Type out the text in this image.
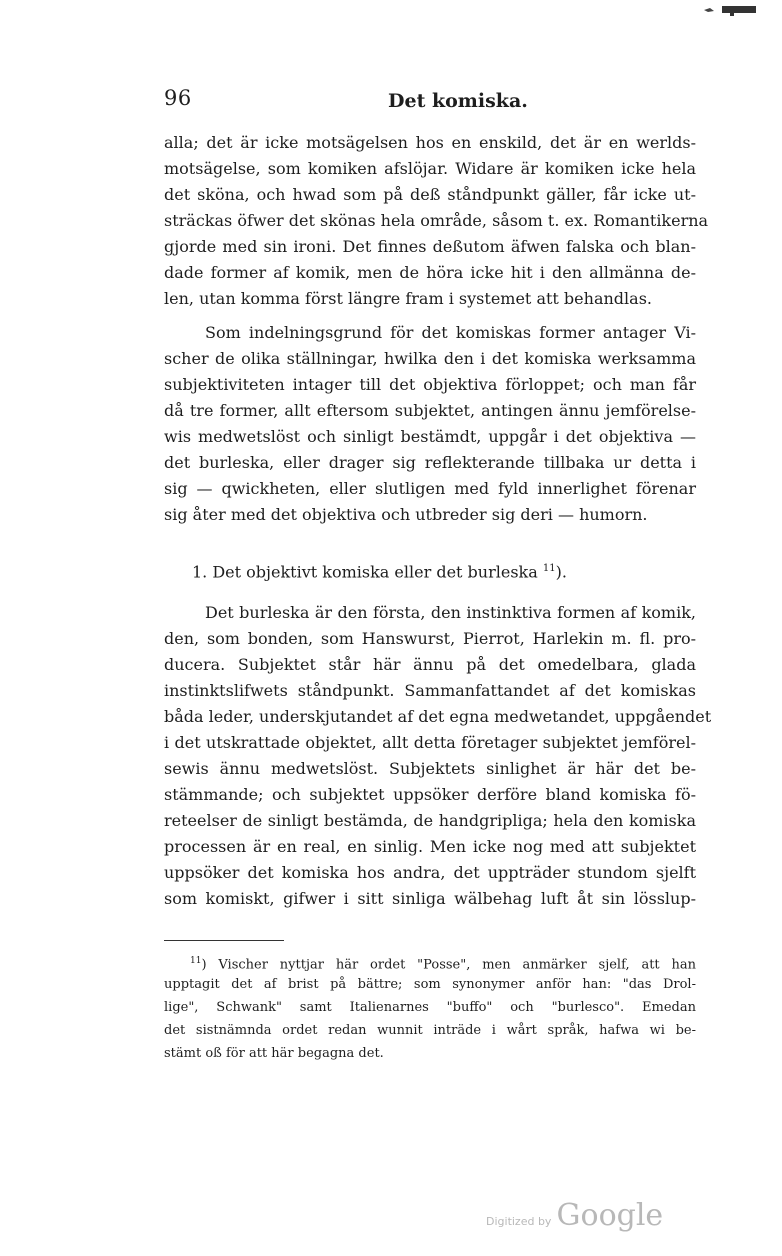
96	Det komiska.
alla; det är icke motsägelsen hos en enskild, det är en werlds-
motsägelse, som komiken afslöjar. Widare är komiken icke hela
det sköna, och hwad som på deß ståndpunkt gäller, får icke ut-
sträckas öfwer det skönas hela område, såsom t. ex. Romantikerna
gjorde med sin ironi. Det finnes deßutom äfwen falska och blan-
dade former af komik, men de höra icke hit i den allmänna de-
len, utan komma först längre fram i systemet att behandlas.
Som indelningsgrund för det komiskas former antager Vi-
scher de olika ställningar, hwilka den i det komiska werksamma
subjektiviteten intager till det objektiva förloppet; och man får
då tre former, allt eftersom subjektet, antingen ännu jemförelse-
wis medwetslöst och sinligt bestämdt, uppgår i det objektiva —
det burleska, eller drager sig reflekterande tillbaka ur detta i
sig — qwickheten, eller slutligen med fyld innerlighet förenar
sig åter med det objektiva och utbreder sig deri — humorn.
1. Det objektivt komiska eller det burleska $^{11}$).
Det burleska är den första, den instinktiva formen af komik,
den, som bonden, som Hanswurst, Pierrot, Harlekin m. fl. pro-
ducera. Subjektet står här ännu på det omedelbara, glada
instinktslifwets ståndpunkt. Sammanfattandet af det komiskas
båda leder, underskjutandet af det egna medwetandet, uppgåendet
i det utskrattade objektet, allt detta företager subjektet jemförel-
sewis ännu medwetslöst. Subjektets sinlighet är här det be-
stämmande; och subjektet uppsöker derföre bland komiska fö-
reteelser de sinligt bestämda, de handgripliga; hela den komiska
processen är en real, en sinlig. Men icke nog med att subjektet
uppsöker det komiska hos andra, det uppträder stundom sjelft
som komiskt, gifwer i sitt sinliga wälbehag luft åt sin lösslup-
$^{11}$) Vischer nyttjar här ordet "Posse", men anmärker sjelf, att han
upptagit det af brist på bättre; som synonymer anför han: "das Drol-
lige", Schwank" samt Italienarnes "buffo" och "burlesco". Emedan
det sistnämnda ordet redan wunnit inträde i wårt språk, hafwa wi be-
stämt oß för att här begagna det.
Digitized by Google
